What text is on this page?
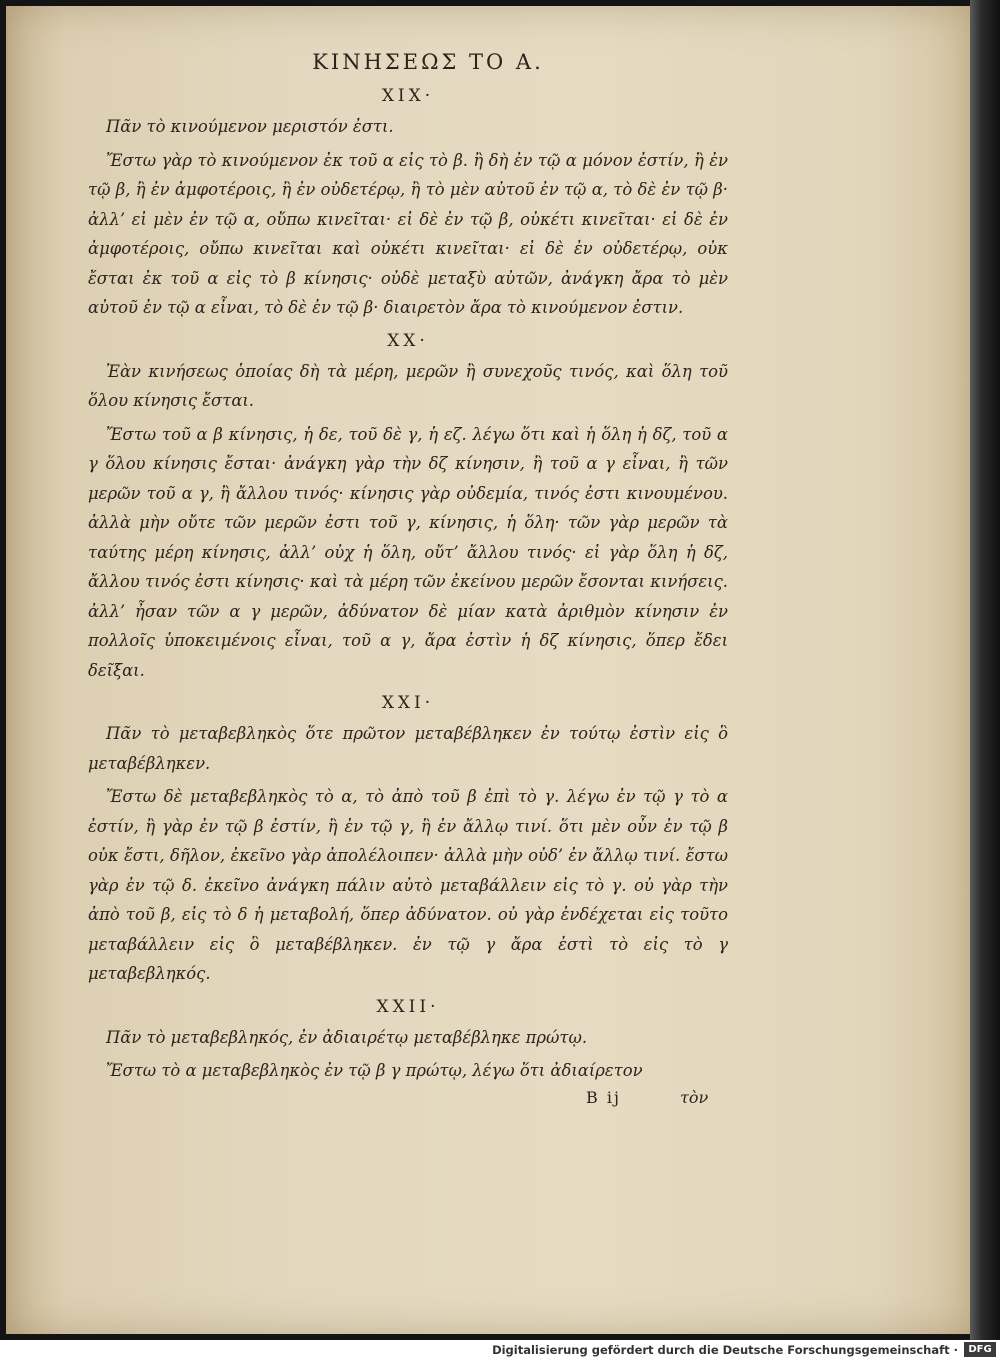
ΚΙΝΗΣΕΩΣ ΤΟ Α.
XIX·

Πᾶν τὸ κινούμενον μεριστόν ἐστι.

Ἔστω γὰρ τὸ κινούμενον ἐκ τοῦ α εἰς τὸ β. ἢ δὴ ἐν τῷ α μόνον ἐστίν, ἢ ἐν τῷ β, ἢ ἐν ἀμφοτέροις, ἢ ἐν οὐδετέρῳ, ἢ τὸ μὲν αὐτοῦ ἐν τῷ α, τὸ δὲ ἐν τῷ β· ἀλλ’ εἰ μὲν ἐν τῷ α, οὔπω κινεῖται· εἰ δὲ ἐν τῷ β, οὐκέτι κινεῖται· εἰ δὲ ἐν ἀμφοτέροις, οὔπω κινεῖται καὶ οὐκέτι κινεῖται· εἰ δὲ ἐν οὐδετέρῳ, οὐκ ἔσται ἐκ τοῦ α εἰς τὸ β κίνησις· οὐδὲ μεταξὺ αὐτῶν, ἀνάγκη ἄρα τὸ μὲν αὐτοῦ ἐν τῷ α εἶναι, τὸ δὲ ἐν τῷ β· διαιρετὸν ἄρα τὸ κινούμενον ἐστιν.

XX·

Ἐὰν κινήσεως ὁποίας δὴ τὰ μέρη, μερῶν ἢ συνεχοῦς τινός, καὶ ὅλη τοῦ ὅλου κίνησις ἔσται.

Ἔστω τοῦ α β κίνησις, ἡ δε, τοῦ δὲ γ, ἡ εζ. λέγω ὅτι καὶ ἡ ὅλη ἡ δζ, τοῦ α γ ὅλου κίνησις ἔσται· ἀνάγκη γὰρ τὴν δζ κίνησιν, ἢ τοῦ α γ εἶναι, ἢ τῶν μερῶν τοῦ α γ, ἢ ἄλλου τινός· κίνησις γὰρ οὐδεμία, τινός ἐστι κινουμένου. ἀλλὰ μὴν οὔτε τῶν μερῶν ἐστι τοῦ γ, κίνησις, ἡ ὅλη· τῶν γὰρ μερῶν τὰ ταύτης μέρη κίνησις, ἀλλ’ οὐχ ἡ ὅλη, οὔτ’ ἄλλου τινός· εἰ γὰρ ὅλη ἡ δζ, ἄλλου τινός ἐστι κίνησις· καὶ τὰ μέρη τῶν ἐκείνου μερῶν ἔσονται κινήσεις. ἀλλ’ ἦσαν τῶν α γ μερῶν, ἀδύνατον δὲ μίαν κατὰ ἀριθμὸν κίνησιν ἐν πολλοῖς ὑποκειμένοις εἶναι, τοῦ α γ, ἄρα ἐστὶν ἡ δζ κίνησις, ὅπερ ἔδει δεῖξαι.

XXI·

Πᾶν τὸ μεταβεβληκὸς ὅτε πρῶτον μεταβέβληκεν ἐν τούτῳ ἐστὶν εἰς ὃ μεταβέβληκεν.

Ἔστω δὲ μεταβεβληκὸς τὸ α, τὸ ἀπὸ τοῦ β ἐπὶ τὸ γ. λέγω ἐν τῷ γ τὸ α ἐστίν, ἢ γὰρ ἐν τῷ β ἐστίν, ἢ ἐν τῷ γ, ἢ ἐν ἄλλῳ τινί. ὅτι μὲν οὖν ἐν τῷ β οὐκ ἔστι, δῆλον, ἐκεῖνο γὰρ ἀπολέλοιπεν· ἀλλὰ μὴν οὐδ’ ἐν ἄλλῳ τινί. ἔστω γὰρ ἐν τῷ δ. ἐκεῖνο ἀνάγκη πάλιν αὐτὸ μεταβάλλειν εἰς τὸ γ. οὐ γὰρ τὴν ἀπὸ τοῦ β, εἰς τὸ δ ἡ μεταβολή, ὅπερ ἀδύνατον. οὐ γὰρ ἐνδέχεται εἰς τοῦτο μεταβάλλειν εἰς ὃ μεταβέβληκεν. ἐν τῷ γ ἄρα ἐστὶ τὸ εἰς τὸ γ μεταβεβληκός.

XXII·

Πᾶν τὸ μεταβεβληκός, ἐν ἀδιαιρέτῳ μεταβέβληκε πρώτῳ.

Ἔστω τὸ α μεταβεβληκὸς ἐν τῷ β γ πρώτῳ, λέγω ὅτι ἀδιαίρετον

B ij	τὸν
Digitalisierung gefördert durch die Deutsche Forschungsgemeinschaft ·	DFG
